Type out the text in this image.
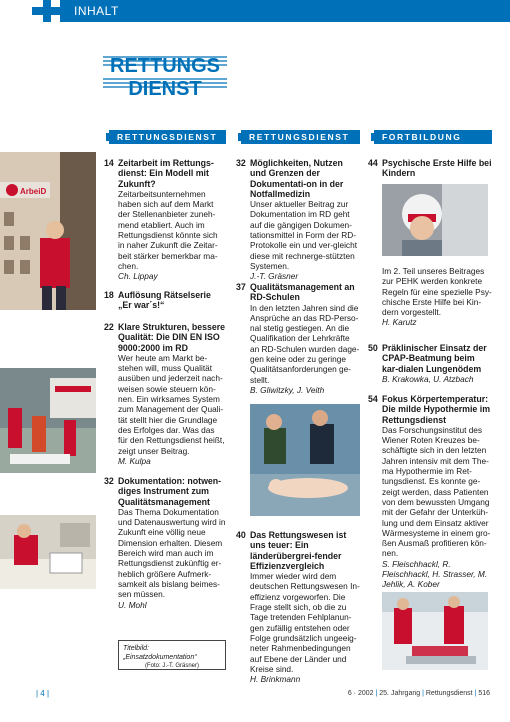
INHALT
RETTUNGS
DIENST
RETTUNGSDIENST	RETTUNGSDIENST	FORTBILDUNG
ArbeiD
14 Zeitarbeit im Rettungs-dienst: Ein Modell mit Zukunft?
Zeitarbeitsunternehmen haben sich auf dem Markt der Stellenanbieter zuneh-mend etabliert. Auch im Rettungsdienst könnte sich in naher Zukunft die Zeitar-beit stärker bemerkbar ma-chen.
Ch. Lippay
18 Auflösung Rätselserie „Er war´s!“
22 Klare Strukturen, bessere Qualität: Die DIN EN ISO 9000:2000 im RD
Wer heute am Markt be-stehen will, muss Qualität ausüben und jederzeit nach-weisen sowie steuern kön-nen. Ein wirksames System zum Management der Quali-tät stellt hier die Grundlage des Erfolges dar. Was das für den Rettungsdienst heißt, zeigt unser Beitrag.
M. Kulpa
32 Dokumentation: notwen-diges Instrument zum Qualitätsmanagement
Das Thema Dokumentation und Datenauswertung wird in Zukunft eine völlig neue Dimension erhalten. Diesem Bereich wird man auch im Rettungsdienst zukünftig er-heblich größere Aufmerk-samkeit als bislang beimes-sen müssen.
U. Mohl
Titelbild: „Einsatzdokumentation“
(Foto: J.-T. Gräsner)
32 Möglichkeiten, Nutzen und Grenzen der Dokumentati-on in der Notfallmedizin
Unser aktueller Beitrag zur Dokumentation im RD geht auf die gängigen Dokumen-tationsmittel in Form der RD-Protokolle ein und ver-gleicht diese mit rechnerge-stützten Systemen.
J.-T. Gräsner
37 Qualitätsmanagement an RD-Schulen
In den letzten Jahren sind die Ansprüche an das RD-Perso-nal stetig gestiegen. An die Qualifikation der Lehrkräfte an RD-Schulen wurden dage-gen keine oder zu geringe Qualitätsanforderungen ge-stellt.
B. Gliwitzky, J. Veith
40 Das Rettungswesen ist uns teuer: Ein länderübergrei-fender Effizienzvergleich
Immer wieder wird dem deutschen Rettungswesen In-effizienz vorgeworfen. Die Frage stellt sich, ob die zu Tage tretenden Fehlplanun-gen zufällig entstehen oder Folge grundsätzlich ungeeig-neter Rahmenbedingungen auf Ebene der Länder und Kreise sind.
H. Brinkmann
44 Psychische Erste Hilfe bei Kindern
Im 2. Teil unseres Beitrages zur PEHK werden konkrete Regeln für eine spezielle Psy-chische Erste Hilfe bei Kin-dern vorgestellt.
H. Karutz
50 Präklinischer Einsatz der CPAP-Beatmung beim kar-dialen Lungenödem
B. Krakowka, U. Atzbach
54 Fokus Körpertemperatur: Die milde Hypothermie im Rettungsdienst
Das Forschungsinstitut des Wiener Roten Kreuzes be-schäftigte sich in den letzten Jahren intensiv mit dem The-ma Hypothermie im Ret-tungsdienst. Es konnte ge-zeigt werden, dass Patienten von dem bewussten Umgang mit der Gefahr der Unterküh-lung und dem Einsatz aktiver Wärmesysteme in einem gro-ßen Ausmaß profitieren kön-nen.
S. Fleischhackl, R. Fleischhackl, H. Strasser, M. Jehlik, A. Kober
| 4 |	6 · 2002 | 25. Jahrgang | Rettungsdienst | 516
